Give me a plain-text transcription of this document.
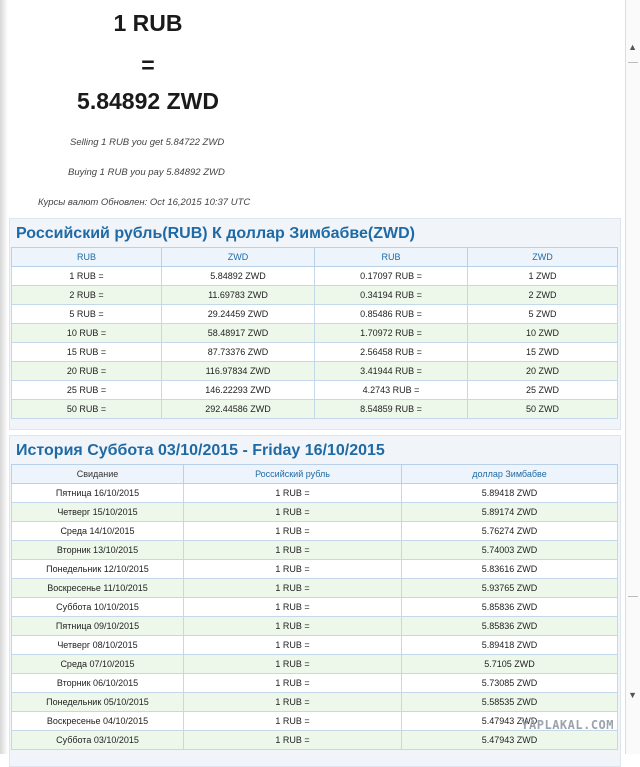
▲
▼
1 RUB
=
5.84892 ZWD
Selling 1 RUB you get 5.84722 ZWD
Buying 1 RUB you pay 5.84892 ZWD
Курсы валют Обновлен: Oct 16,2015 10:37 UTC
Российский рубль(RUB) К доллар Зимбабве(ZWD)
RUB	ZWD	RUB	ZWD
1 RUB =	5.84892 ZWD	0.17097 RUB =	1 ZWD
2 RUB =	11.69783 ZWD	0.34194 RUB =	2 ZWD
5 RUB =	29.24459 ZWD	0.85486 RUB =	5 ZWD
10 RUB =	58.48917 ZWD	1.70972 RUB =	10 ZWD
15 RUB =	87.73376 ZWD	2.56458 RUB =	15 ZWD
20 RUB =	116.97834 ZWD	3.41944 RUB =	20 ZWD
25 RUB =	146.22293 ZWD	4.2743 RUB =	25 ZWD
50 RUB =	292.44586 ZWD	8.54859 RUB =	50 ZWD
История Суббота 03/10/2015 - Friday 16/10/2015
Свидание	Российский рубль	доллар Зимбабве
Пятница 16/10/2015	1 RUB =	5.89418 ZWD
Четверг 15/10/2015	1 RUB =	5.89174 ZWD
Среда 14/10/2015	1 RUB =	5.76274 ZWD
Вторник 13/10/2015	1 RUB =	5.74003 ZWD
Понедельник 12/10/2015	1 RUB =	5.83616 ZWD
Воскресенье 11/10/2015	1 RUB =	5.93765 ZWD
Суббота 10/10/2015	1 RUB =	5.85836 ZWD
Пятница 09/10/2015	1 RUB =	5.85836 ZWD
Четверг 08/10/2015	1 RUB =	5.89418 ZWD
Среда 07/10/2015	1 RUB =	5.7105 ZWD
Вторник 06/10/2015	1 RUB =	5.73085 ZWD
Понедельник 05/10/2015	1 RUB =	5.58535 ZWD
Воскресенье 04/10/2015	1 RUB =	5.47943 ZWD
Суббота 03/10/2015	1 RUB =	5.47943 ZWD
YAPLAKAL.COM
